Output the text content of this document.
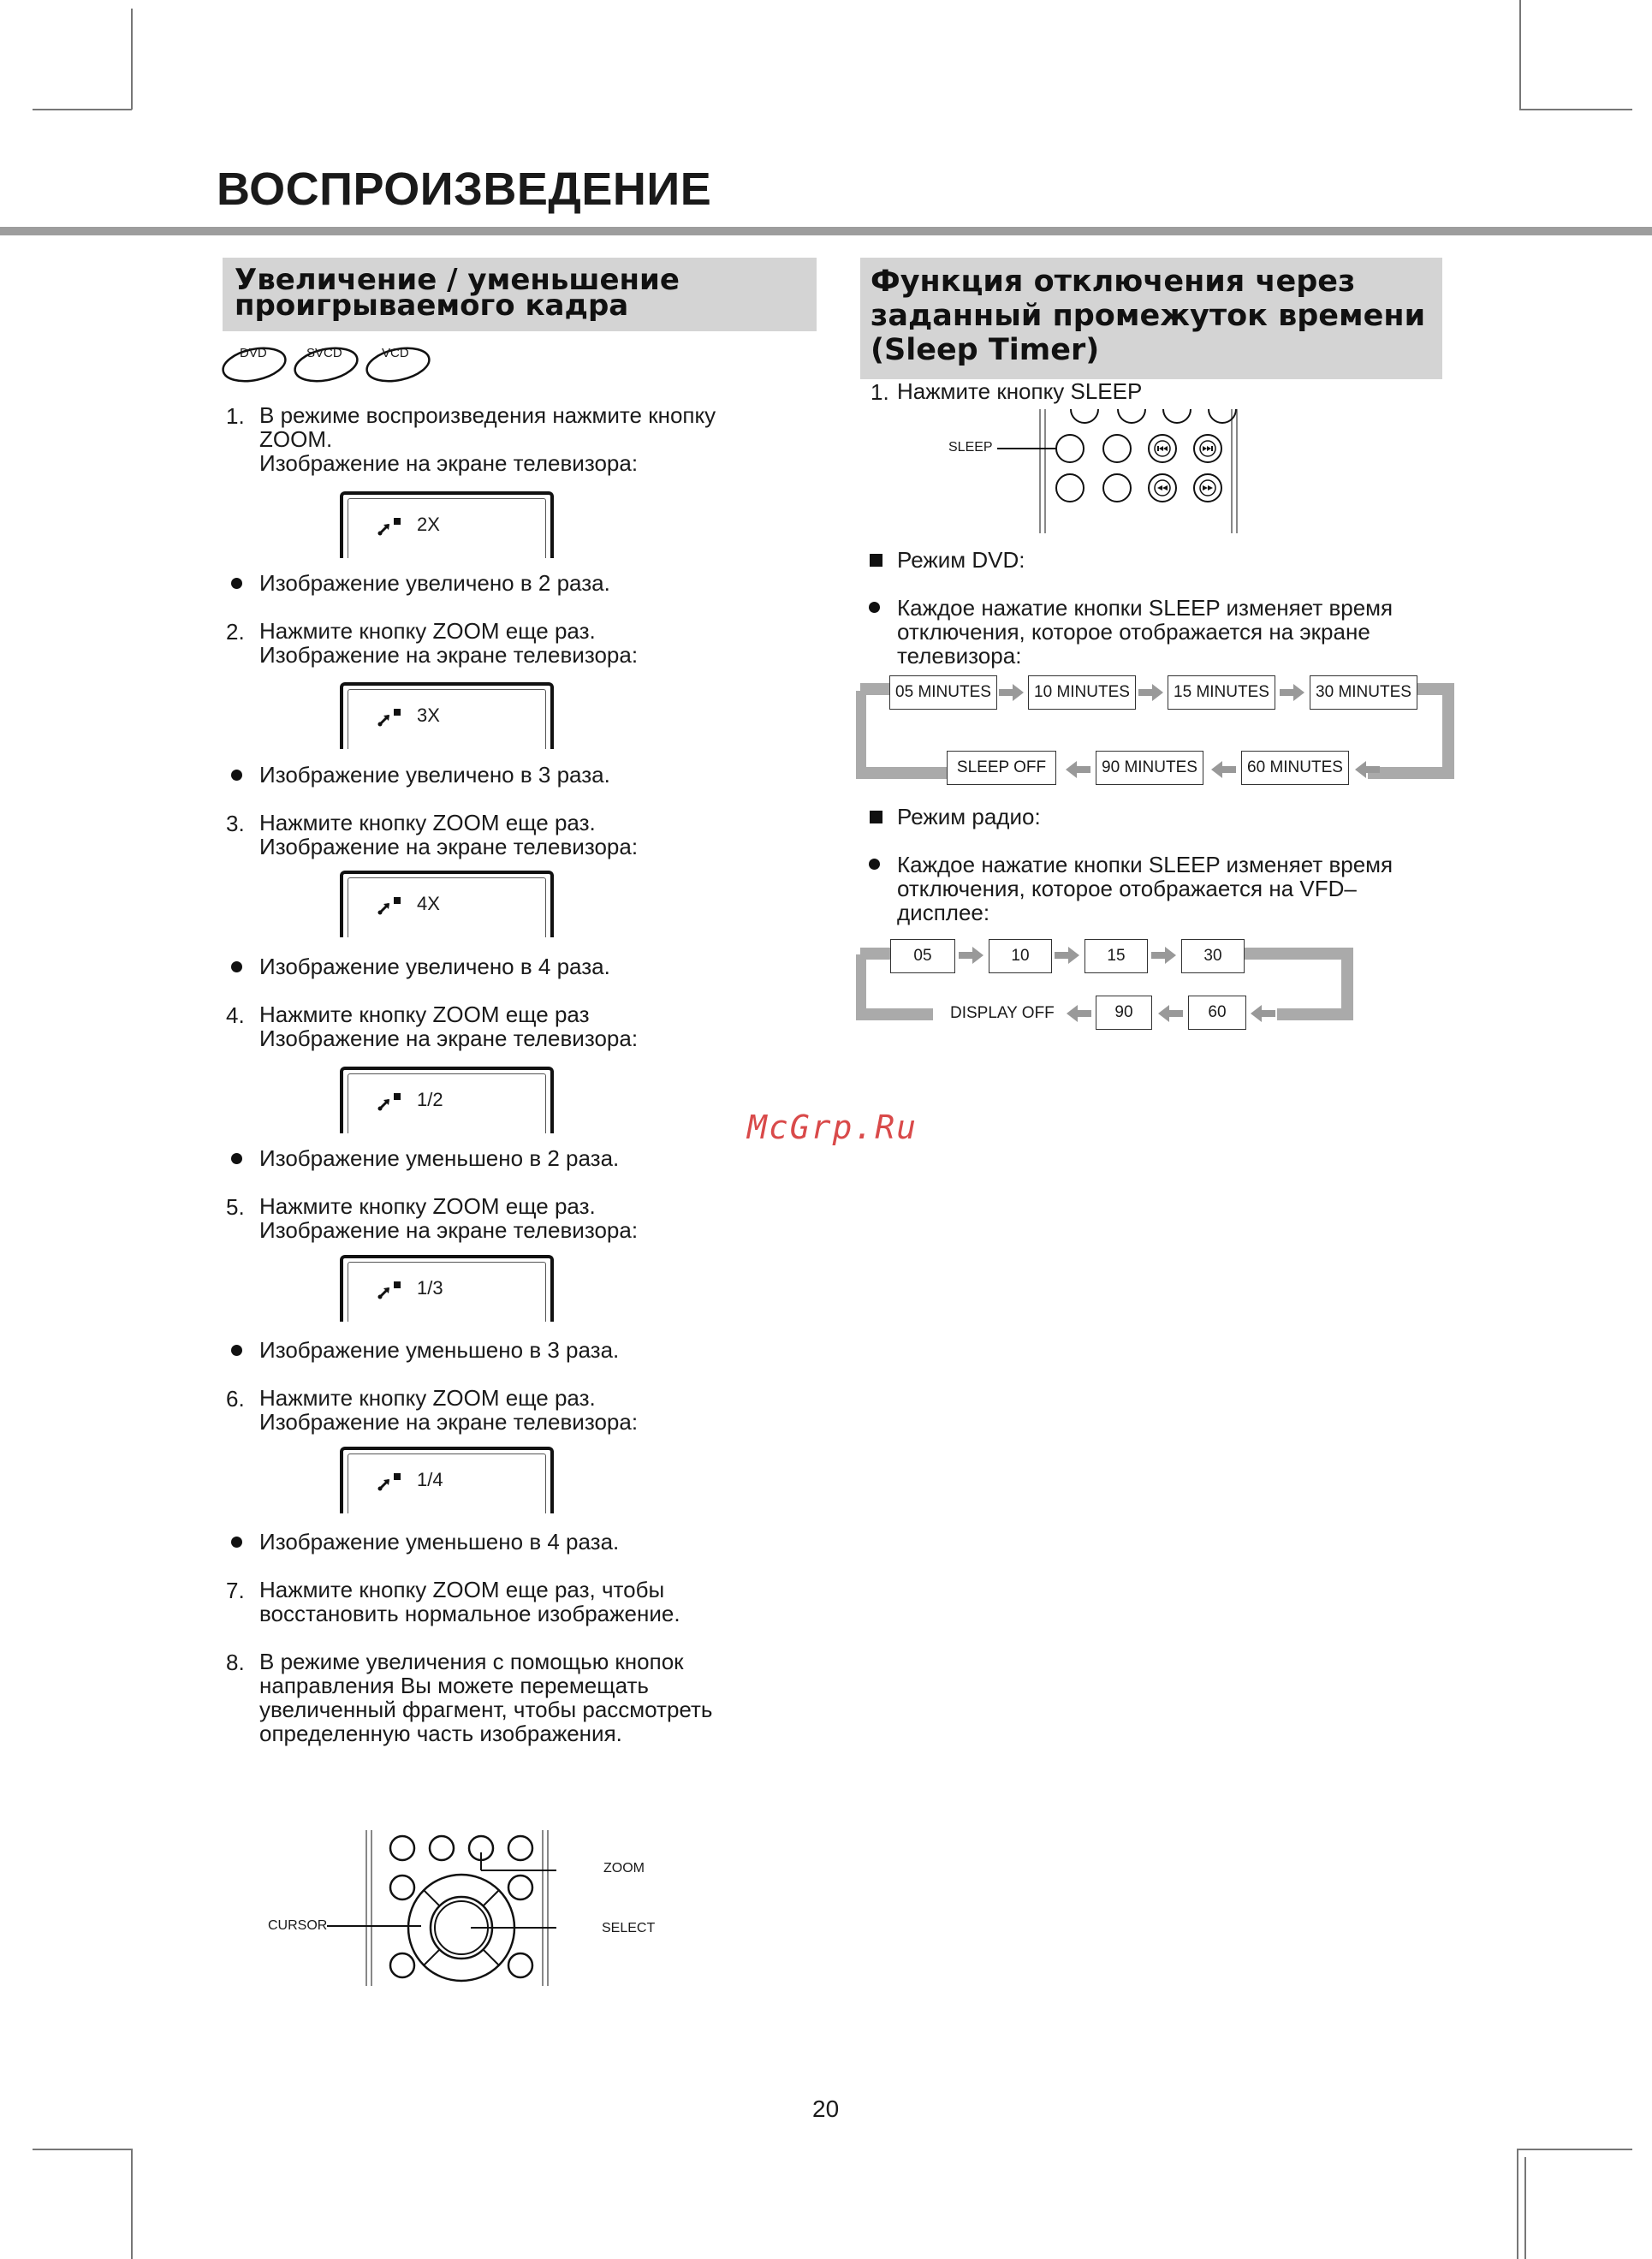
ВОСПРОИЗВЕДЕНИЕ
Увеличение / уменьшение
проигрываемого кадра
DVD	SVCD	VCD
1. В режиме воспроизведения нажмите кнопку
ZOOM.
Изображение на экране телевизора:
2X
Изображение увеличено в 2 раза.
2. Нажмите кнопку ZOOM еще раз.
Изображение на экране телевизора:
3X
Изображение увеличено в 3 раза.
3. Нажмите кнопку ZOOM еще раз.
Изображение на экране телевизора:
4X
Изображение увеличено в 4 раза.
4. Нажмите кнопку ZOOM еще раз
Изображение на экране телевизора:
1/2
Изображение уменьшено в 2 раза.
5. Нажмите кнопку ZOOM еще раз.
Изображение на экране телевизора:
1/3
Изображение уменьшено в 3 раза.
6. Нажмите кнопку ZOOM еще раз.
Изображение на экране телевизора:
1/4
Изображение уменьшено в 4 раза.
7. Нажмите кнопку ZOOM еще раз, чтобы
восстановить нормальное изображение.
8. В режиме увеличения с помощью кнопок
направления Вы можете перемещать
увеличенный фрагмент, чтобы рассмотреть
определенную часть изображения.
ZOOM
CURSOR	SELECT
Функция отключения через
заданный промежуток времени
(Sleep Timer)
1. Нажмите кнопку SLEEP
SLEEP
Режим DVD:
Каждое нажатие кнопки SLEEP изменяет время
отключения, которое отображается на экране
телевизора:
05 MINUTES	10 MINUTES	15 MINUTES	30 MINUTES
SLEEP OFF	90 MINUTES	60 MINUTES
Режим радио:
Каждое нажатие кнопки SLEEP изменяет время
отключения, которое отображается на VFD–
дисплее:
05	10	15	30
DISPLAY OFF	90	60
McGrp.Ru
20
